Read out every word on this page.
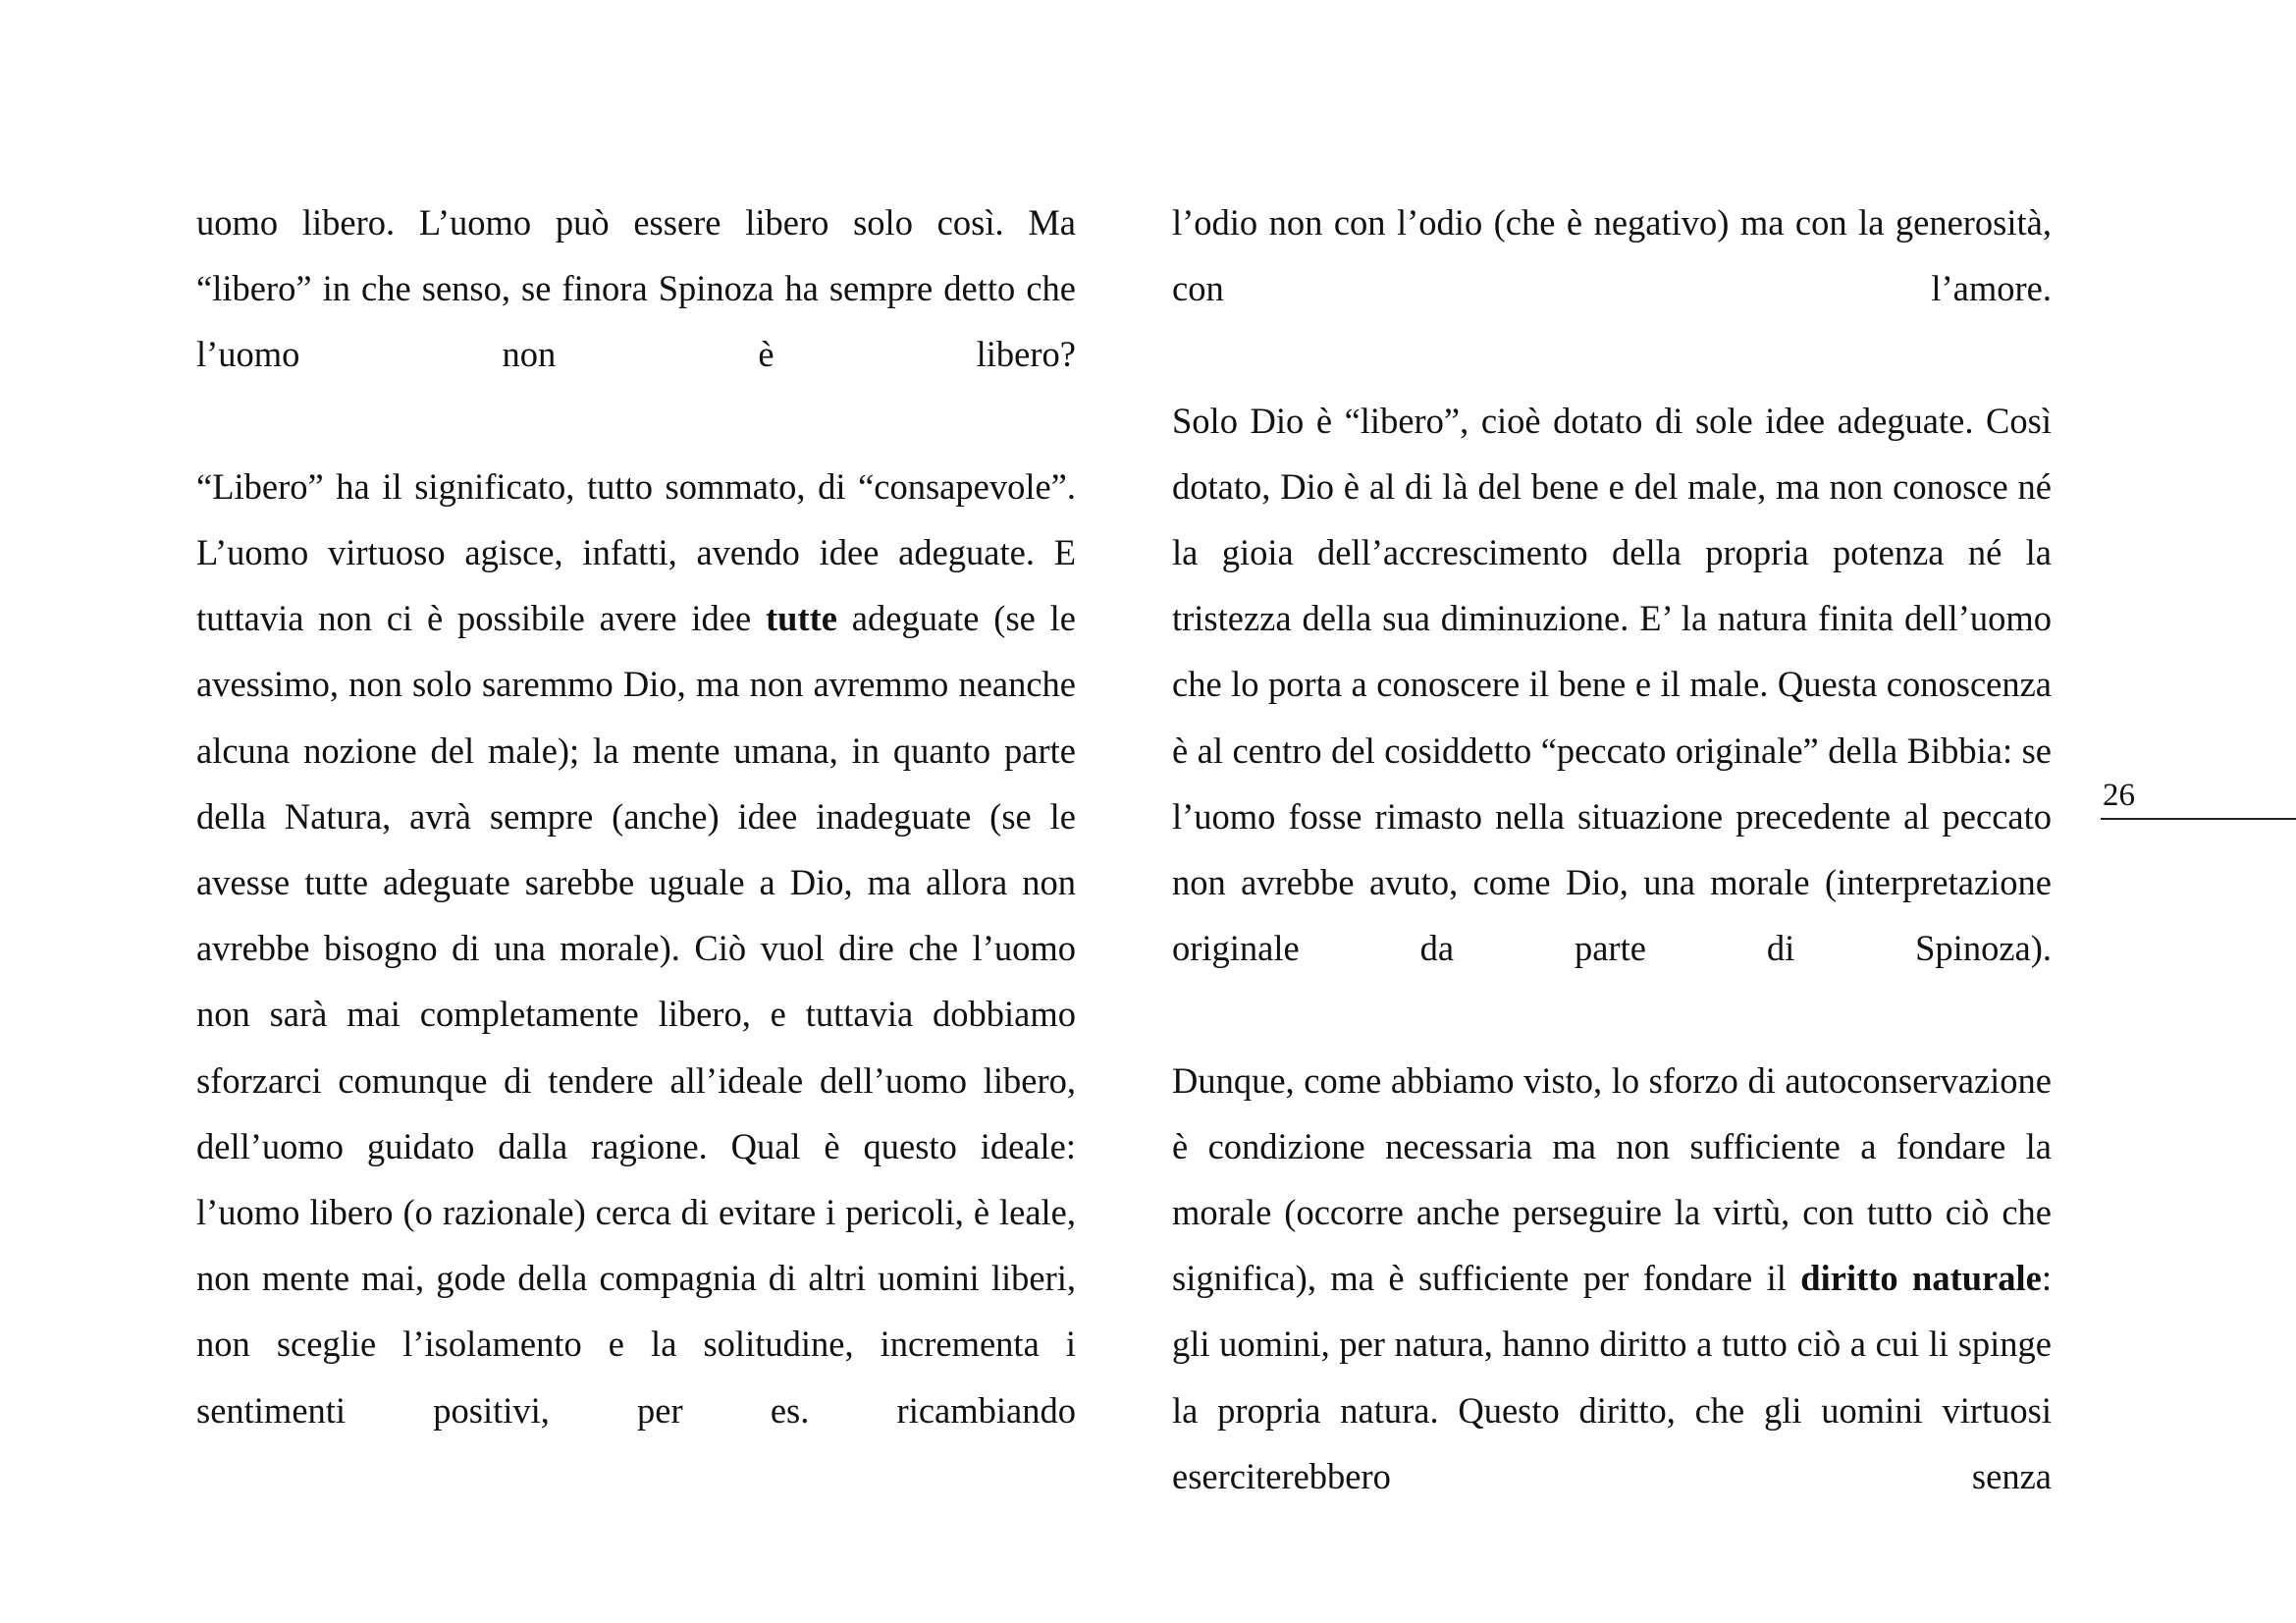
uomo libero. L’uomo può essere libero solo così. Ma “libero” in che senso, se finora Spinoza ha sempre detto che l’uomo non è libero?

“Libero” ha il significato, tutto sommato, di “consapevole”. L’uomo virtuoso agisce, infatti, avendo idee adeguate. E tuttavia non ci è possibile avere idee tutte adeguate (se le avessimo, non solo saremmo Dio, ma non avremmo neanche alcuna nozione del male); la mente umana, in quanto parte della Natura, avrà sempre (anche) idee inadeguate (se le avesse tutte adeguate sarebbe uguale a Dio, ma allora non avrebbe bisogno di una morale). Ciò vuol dire che l’uomo non sarà mai completamente libero, e tuttavia dobbiamo sforzarci comunque di tendere all’ideale dell’uomo libero, dell’uomo guidato dalla ragione. Qual è questo ideale: l’uomo libero (o razionale) cerca di evitare i pericoli, è leale, non mente mai, gode della compagnia di altri uomini liberi, non sceglie l’isolamento e la solitudine, incrementa i sentimenti positivi, per es. ricambiando

l’odio non con l’odio (che è negativo) ma con la generosità, con l’amore.

Solo Dio è “libero”, cioè dotato di sole idee adeguate. Così dotato, Dio è al di là del bene e del male, ma non conosce né la gioia dell’accrescimento della propria potenza né la tristezza della sua diminuzione. E’ la natura finita dell’uomo che lo porta a conoscere il bene e il male. Questa conoscenza è al centro del cosiddetto “peccato originale” della Bibbia: se l’uomo fosse rimasto nella situazione precedente al peccato non avrebbe avuto, come Dio, una morale (interpretazione originale da parte di Spinoza).

Dunque, come abbiamo visto, lo sforzo di autoconservazione è condizione necessaria ma non sufficiente a fondare la morale (occorre anche perseguire la virtù, con tutto ciò che significa), ma è sufficiente per fondare il diritto naturale: gli uomini, per natura, hanno diritto a tutto ciò a cui li spinge la propria natura. Questo diritto, che gli uomini virtuosi eserciterebbero senza

26
